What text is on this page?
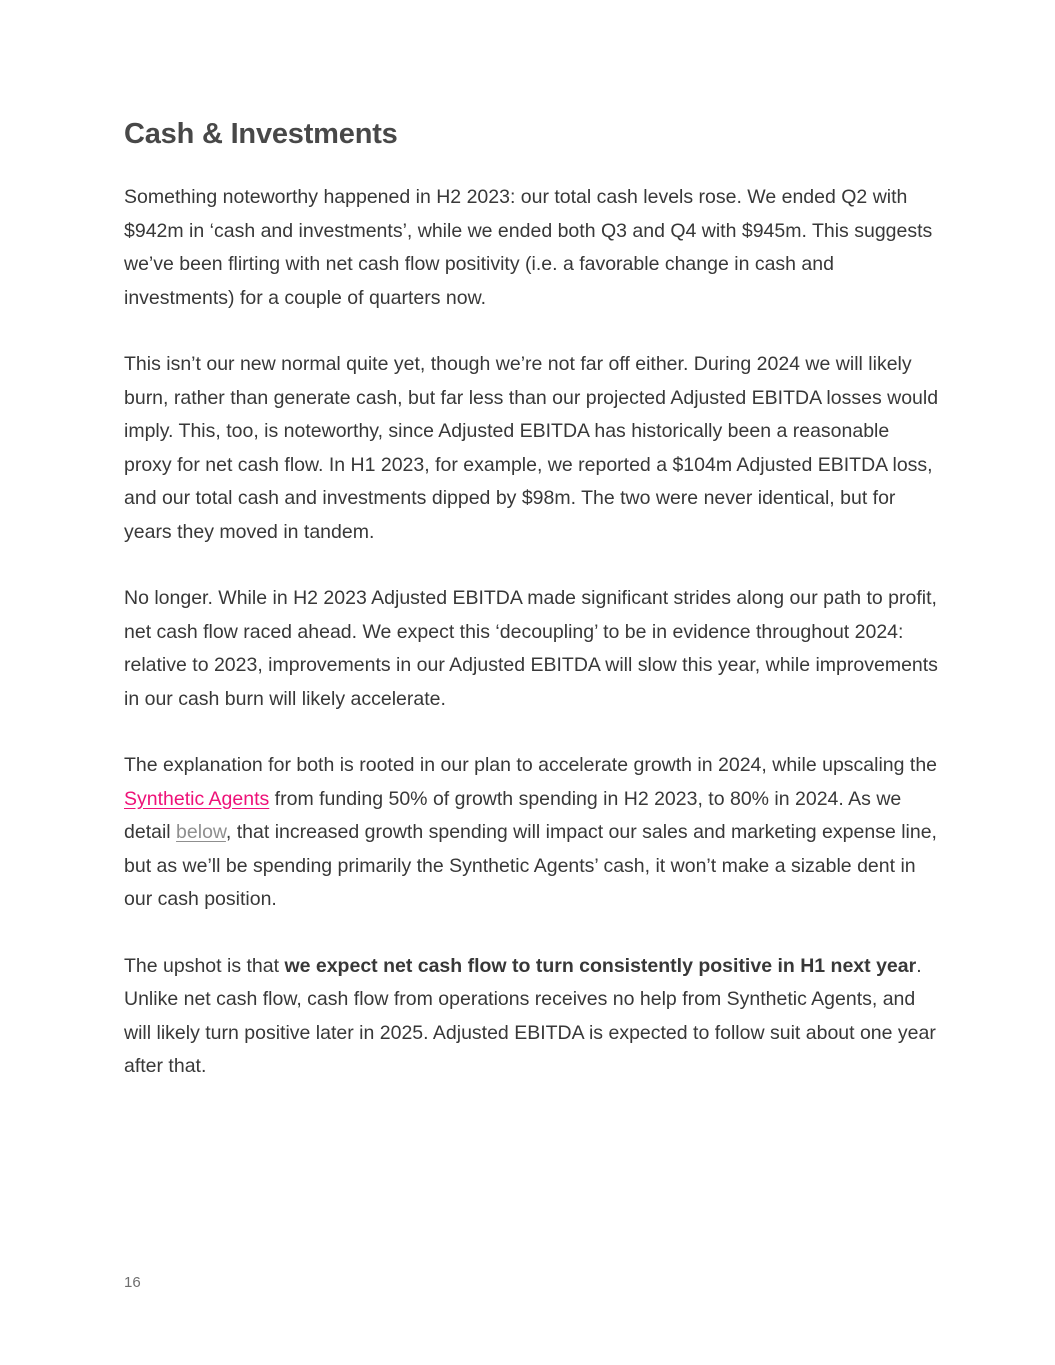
Cash & Investments

Something noteworthy happened in H2 2023: our total cash levels rose. We ended Q2 with $942m in ‘cash and investments’, while we ended both Q3 and Q4 with $945m. This suggests we’ve been flirting with net cash flow positivity (i.e. a favorable change in cash and investments) for a couple of quarters now.

This isn’t our new normal quite yet, though we’re not far off either. During 2024 we will likely burn, rather than generate cash, but far less than our projected Adjusted EBITDA losses would imply. This, too, is noteworthy, since Adjusted EBITDA has historically been a reasonable proxy for net cash flow. In H1 2023, for example, we reported a $104m Adjusted EBITDA loss, and our total cash and investments dipped by $98m. The two were never identical, but for years they moved in tandem.

No longer. While in H2 2023 Adjusted EBITDA made significant strides along our path to profit, net cash flow raced ahead. We expect this ‘decoupling’ to be in evidence throughout 2024: relative to 2023, improvements in our Adjusted EBITDA will slow this year, while improvements in our cash burn will likely accelerate.

The explanation for both is rooted in our plan to accelerate growth in 2024, while upscaling the Synthetic Agents from funding 50% of growth spending in H2 2023, to 80% in 2024. As we detail below, that increased growth spending will impact our sales and marketing expense line, but as we’ll be spending primarily the Synthetic Agents’ cash, it won’t make a sizable dent in our cash position.

The upshot is that we expect net cash flow to turn consistently positive in H1 next year. Unlike net cash flow, cash flow from operations receives no help from Synthetic Agents, and will likely turn positive later in 2025. Adjusted EBITDA is expected to follow suit about one year after that.

16
